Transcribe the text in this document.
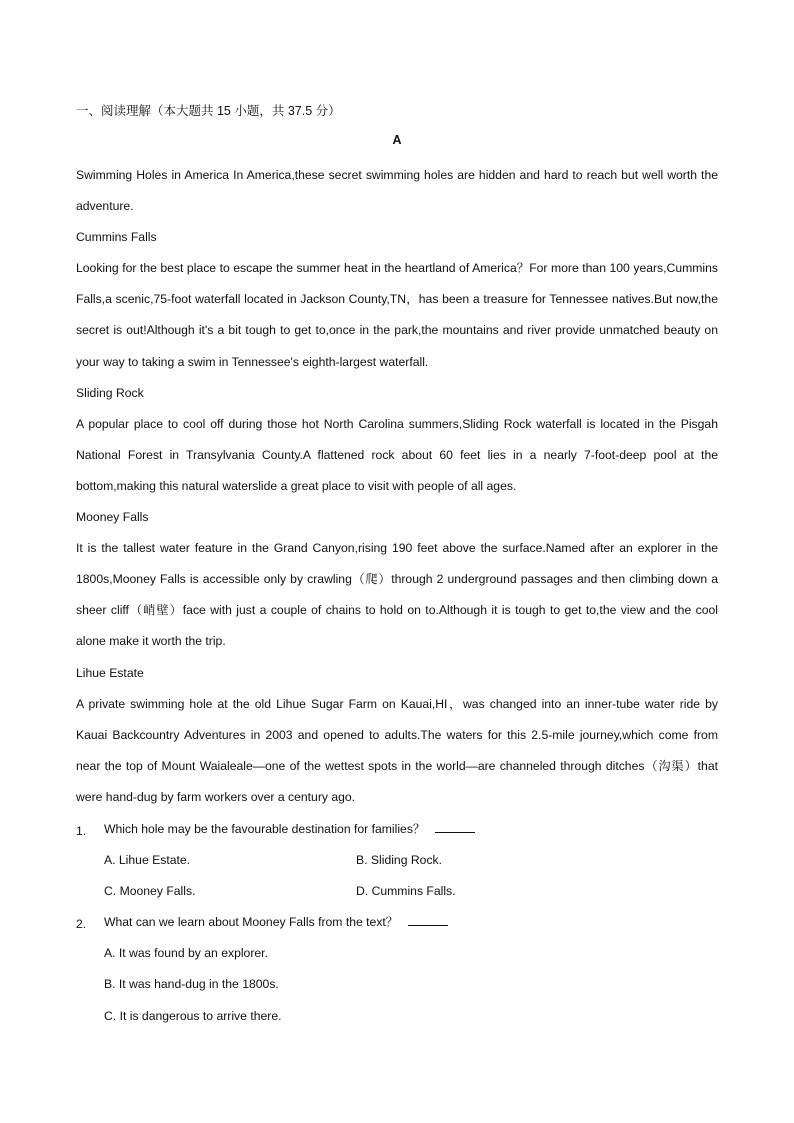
一、阅读理解（本大题共 15 小题，共 37.5 分）
A

Swimming Holes in America In America,these secret swimming holes are hidden and hard to reach but well worth the adventure.

Cummins Falls

Looking for the best place to escape the summer heat in the heartland of America？For more than 100 years,Cummins Falls,a scenic,75-foot waterfall located in Jackson County,TN，has been a treasure for Tennessee natives.But now,the secret is out!Although it's a bit tough to get to,once in the park,the mountains and river provide unmatched beauty on your way to taking a swim in Tennessee's eighth-largest waterfall.

Sliding Rock

A popular place to cool off during those hot North Carolina summers,Sliding Rock waterfall is located in the Pisgah National Forest in Transylvania County.A flattened rock about 60 feet lies in a nearly 7-foot-deep pool at the bottom,making this natural waterslide a great place to visit with people of all ages.

Mooney Falls

It is the tallest water feature in the Grand Canyon,rising 190 feet above the surface.Named after an explorer in the 1800s,Mooney Falls is accessible only by crawling（爬）through 2 underground passages and then climbing down a sheer cliff（峭壁）face with just a couple of chains to hold on to.Although it is tough to get to,the view and the cool alone make it worth the trip.

Lihue Estate

A private swimming hole at the old Lihue Sugar Farm on Kauai,HI，was changed into an inner-tube water ride by Kauai Backcountry Adventures in 2003 and opened to adults.The waters for this 2.5-mile journey,which come from near the top of Mount Waialeale—one of the wettest spots in the world—are channeled through ditches（沟渠）that were hand-dug by farm workers over a century ago.

1. Which hole may be the favourable destination for families？
A. Lihue Estate.	B. Sliding Rock.
C. Mooney Falls.	D. Cummins Falls.
2. What can we learn about Mooney Falls from the text？
A. It was found by an explorer.
B. It was hand-dug in the 1800s.
C. It is dangerous to arrive there.
